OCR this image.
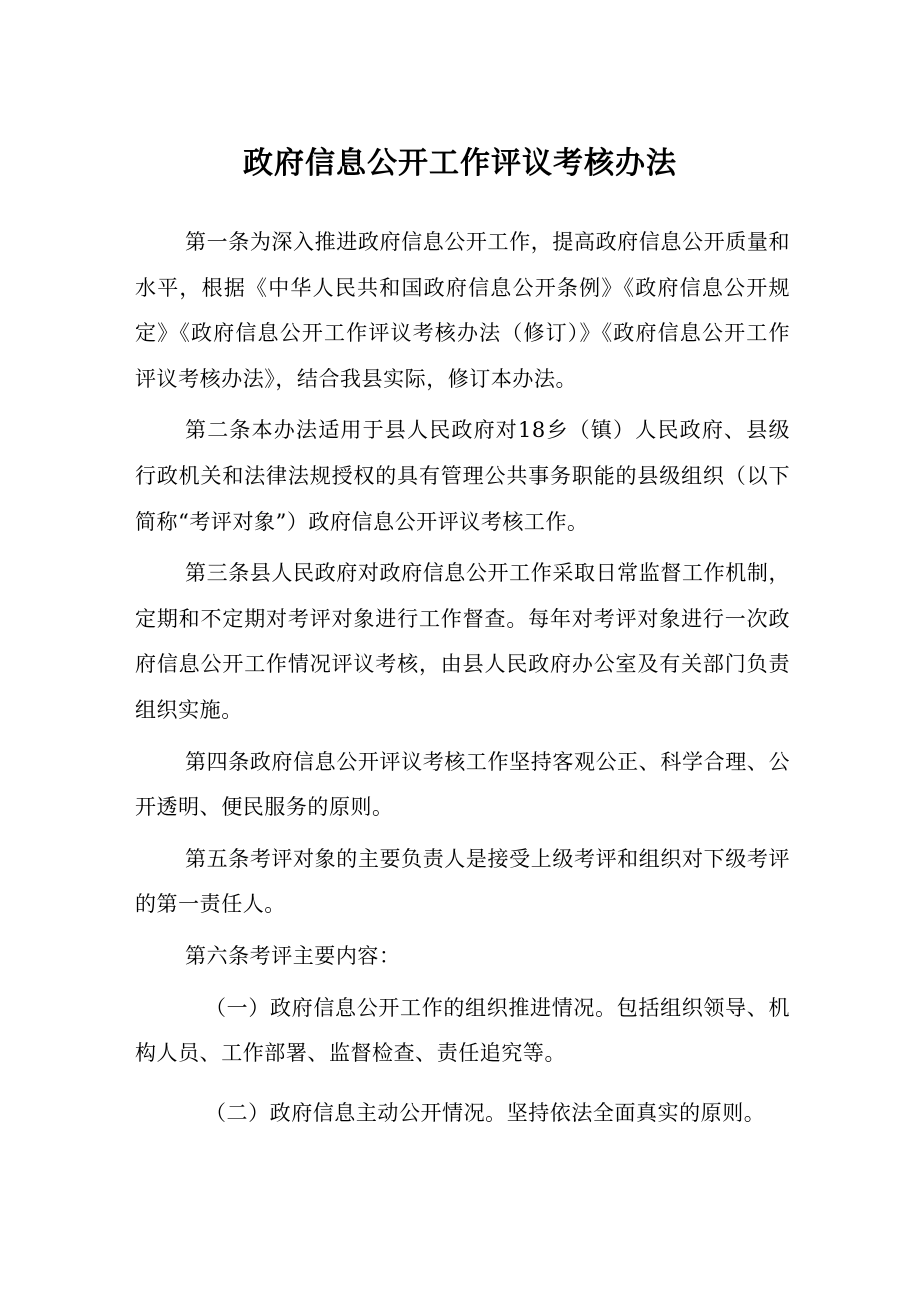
政府信息公开工作评议考核办法

第一条为深入推进政府信息公开工作，提高政府信息公开质量和水平，根据《中华人民共和国政府信息公开条例》《政府信息公开规定》《政府信息公开工作评议考核办法（修订）》《政府信息公开工作评议考核办法》，结合我县实际，修订本办法。

第二条本办法适用于县人民政府对18乡（镇）人民政府、县级行政机关和法律法规授权的具有管理公共事务职能的县级组织（以下简称“考评对象”）政府信息公开评议考核工作。

第三条县人民政府对政府信息公开工作采取日常监督工作机制，定期和不定期对考评对象进行工作督查。每年对考评对象进行一次政府信息公开工作情况评议考核，由县人民政府办公室及有关部门负责组织实施。

第四条政府信息公开评议考核工作坚持客观公正、科学合理、公开透明、便民服务的原则。

第五条考评对象的主要负责人是接受上级考评和组织对下级考评的第一责任人。

第六条考评主要内容：

（一）政府信息公开工作的组织推进情况。包括组织领导、机构人员、工作部署、监督检查、责任追究等。

（二）政府信息主动公开情况。坚持依法全面真实的原则。
